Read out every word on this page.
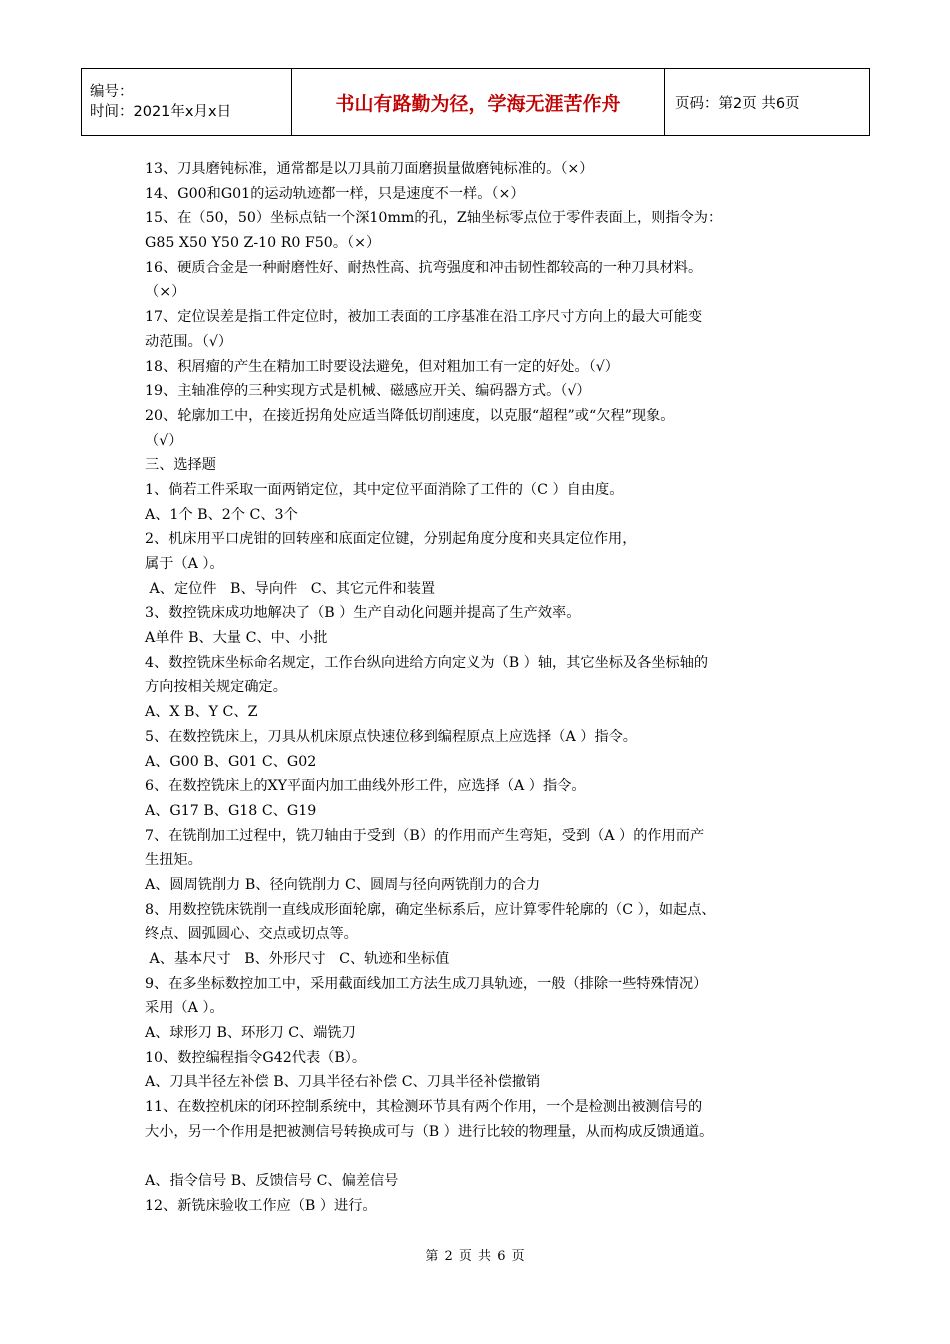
编号：
时间：2021年x月x日	书山有路勤为径，学海无涯苦作舟	页码：第2页 共6页
13、刀具磨钝标准，通常都是以刀具前刀面磨损量做磨钝标准的。（×）
14、G00和G01的运动轨迹都一样，只是速度不一样。（×）
15、在（50，50）坐标点钻一个深10mm的孔，Z轴坐标零点位于零件表面上，则指令为：
G85 X50 Y50 Z-10 R0 F50。（×）
16、硬质合金是一种耐磨性好、耐热性高、抗弯强度和冲击韧性都较高的一种刀具材料。
（×）
17、定位误差是指工件定位时，被加工表面的工序基准在沿工序尺寸方向上的最大可能变
动范围。（√）
18、积屑瘤的产生在精加工时要设法避免，但对粗加工有一定的好处。（√）
19、主轴准停的三种实现方式是机械、磁感应开关、编码器方式。（√）
20、轮廓加工中，在接近拐角处应适当降低切削速度，以克服“超程”或“欠程”现象。
（√）
三、选择题
1、倘若工件采取一面两销定位，其中定位平面消除了工件的（C ）自由度。
A、1个 B、2个 C、3个
2、机床用平口虎钳的回转座和底面定位键，分别起角度分度和夹具定位作用，
属于（A ）。
A、定位件   B、导向件   C、其它元件和装置
3、数控铣床成功地解决了（B ）生产自动化问题并提高了生产效率。
A单件 B、大量 C、中、小批
4、数控铣床坐标命名规定，工作台纵向进给方向定义为（B ）轴，其它坐标及各坐标轴的
方向按相关规定确定。
A、X B、Y C、Z
5、在数控铣床上，刀具从机床原点快速位移到编程原点上应选择（A ）指令。
A、G00 B、G01 C、G02
6、在数控铣床上的XY平面内加工曲线外形工件，应选择（A ）指令。
A、G17 B、G18 C、G19
7、在铣削加工过程中，铣刀轴由于受到（B）的作用而产生弯矩，受到（A ）的作用而产
生扭矩。
A、圆周铣削力 B、径向铣削力 C、圆周与径向两铣削力的合力
8、用数控铣床铣削一直线成形面轮廓，确定坐标系后，应计算零件轮廓的（C ），如起点、
终点、圆弧圆心、交点或切点等。
A、基本尺寸   B、外形尺寸   C、轨迹和坐标值
9、在多坐标数控加工中，采用截面线加工方法生成刀具轨迹，一般（排除一些特殊情况）
采用（A ）。
A、球形刀 B、环形刀 C、端铣刀
10、数控编程指令G42代表（B）。
A、刀具半径左补偿 B、刀具半径右补偿 C、刀具半径补偿撤销
11、在数控机床的闭环控制系统中，其检测环节具有两个作用，一个是检测出被测信号的
大小，另一个作用是把被测信号转换成可与（B ）进行比较的物理量，从而构成反馈通道。
A、指令信号 B、反馈信号 C、偏差信号
12、新铣床验收工作应（B ）进行。
第 2 页 共 6 页
